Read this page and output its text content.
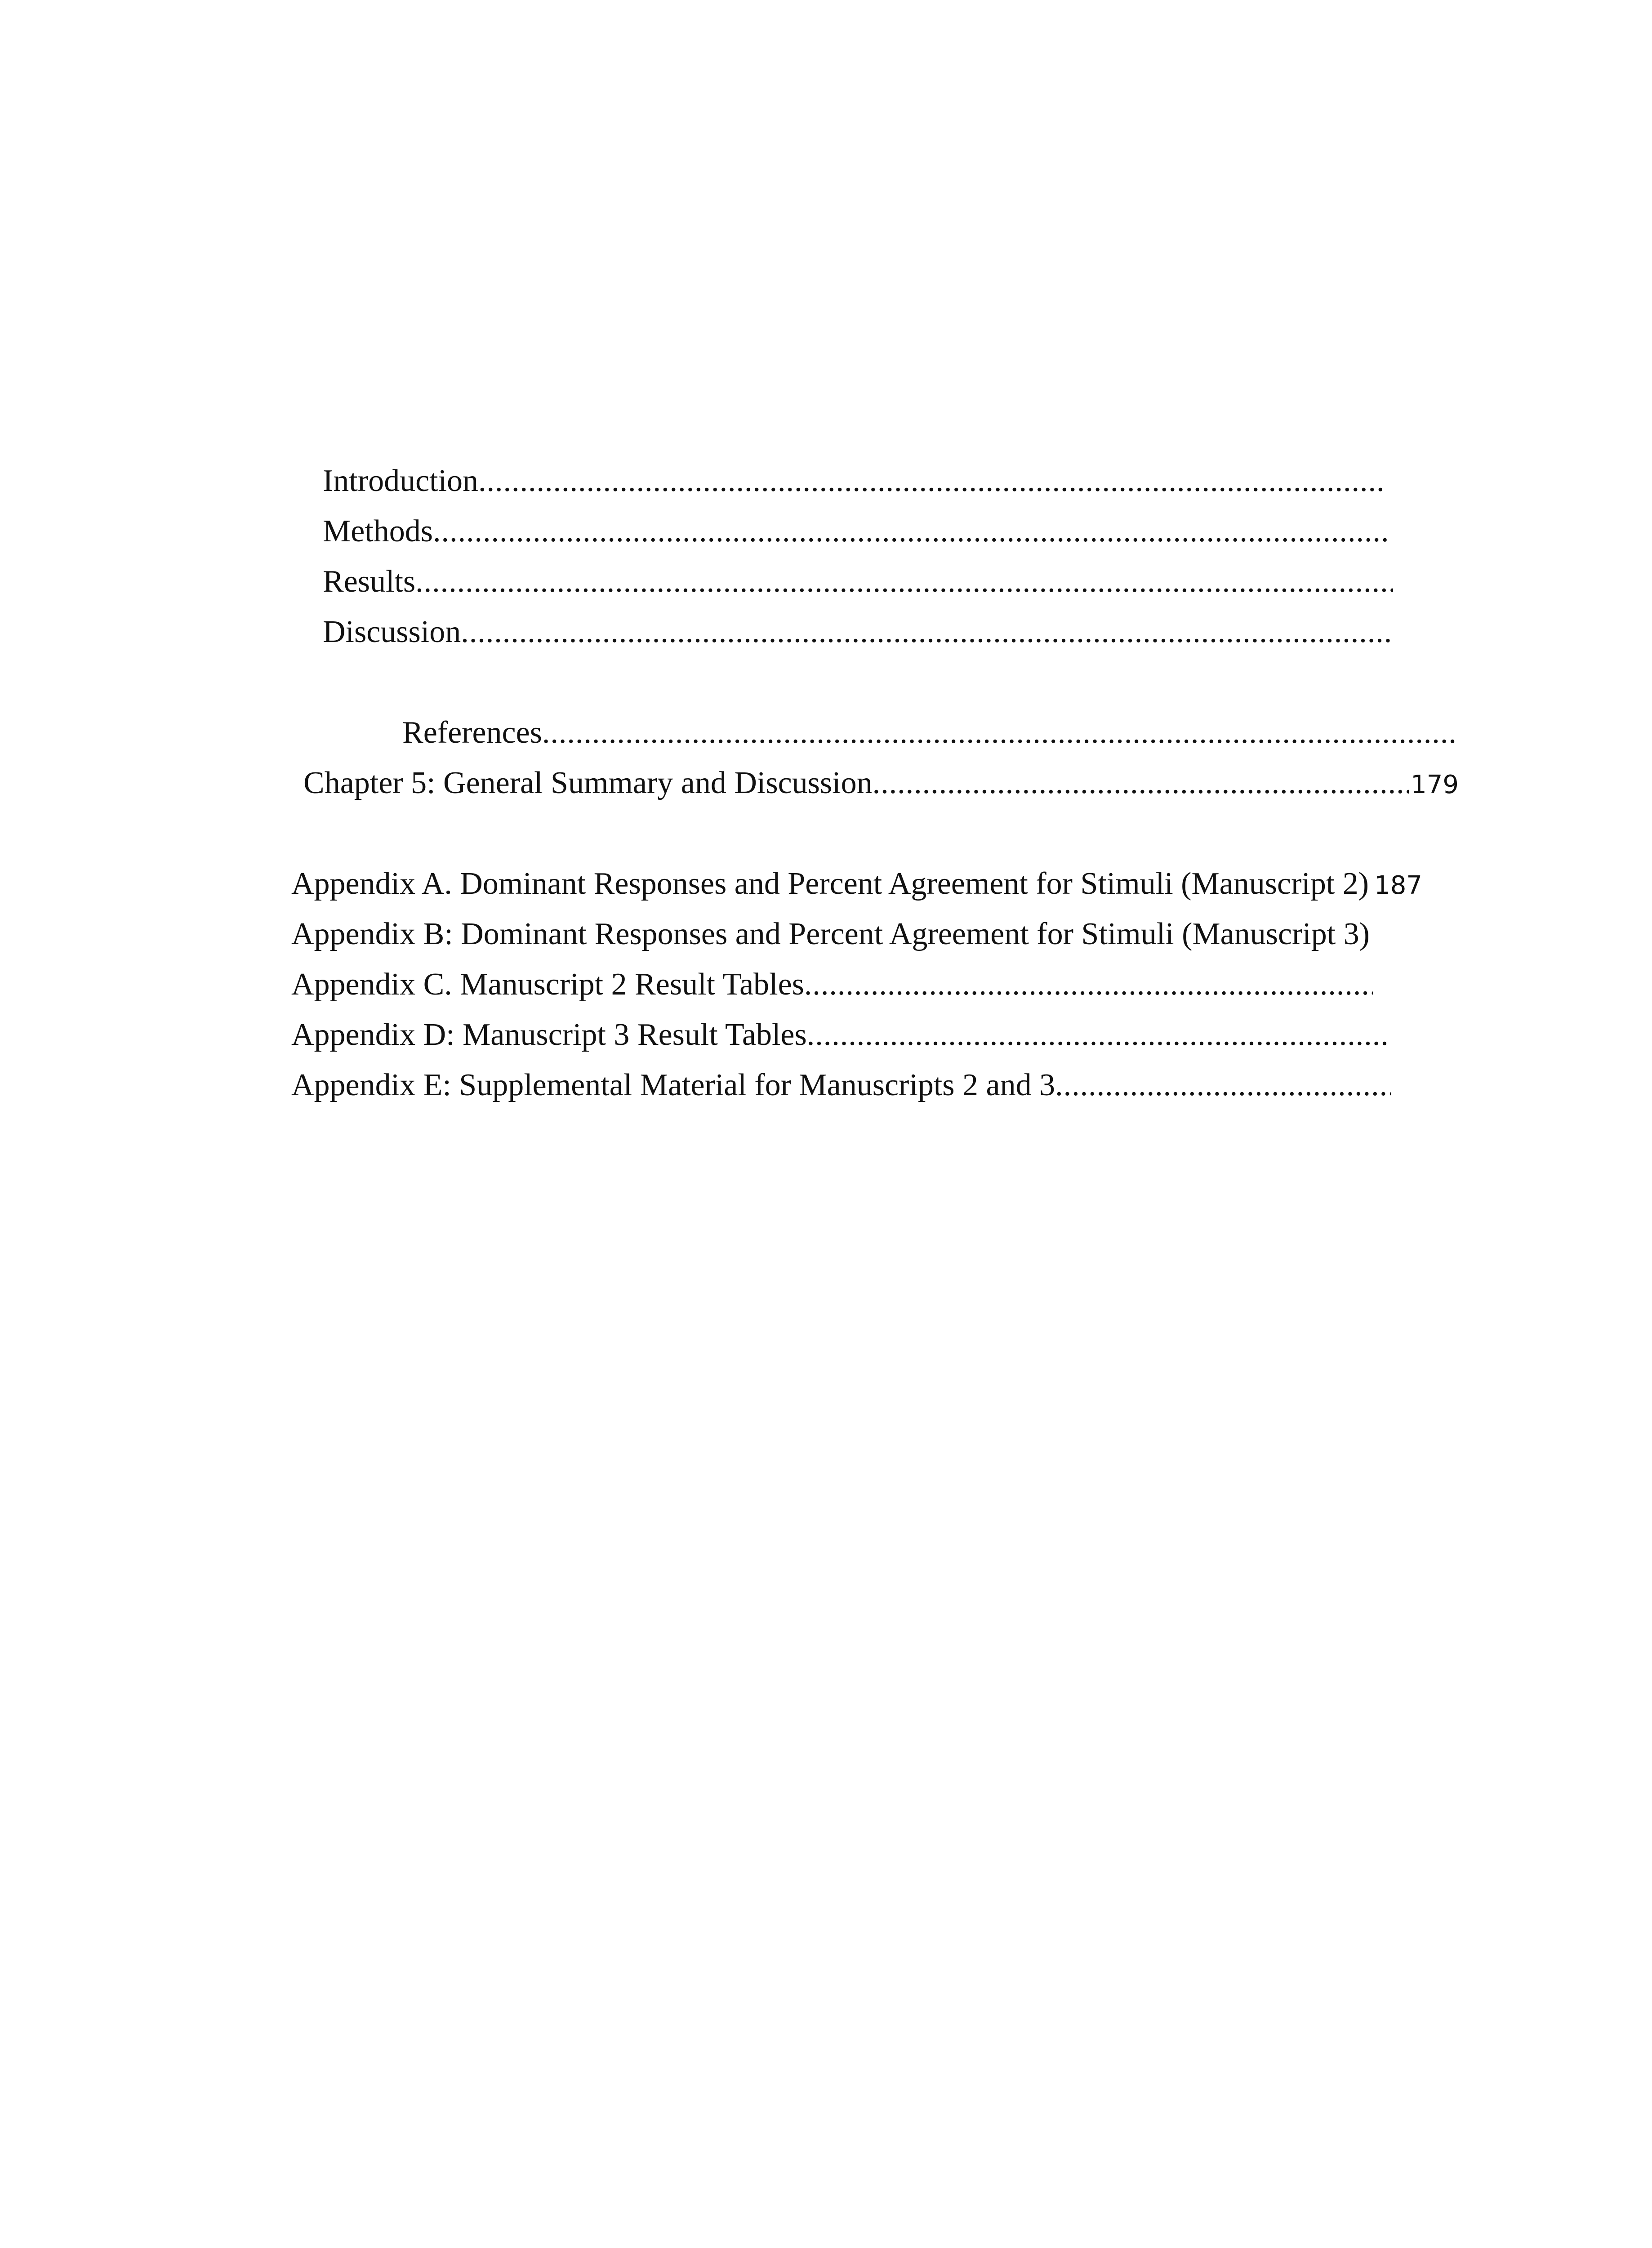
Introduction
.....
Methods
.....
Results
.....
Discussion
.....
References
.....
Chapter 5: General Summary and Discussion
.....	179
Appendix A. Dominant Responses and Percent Agreement for Stimuli (Manuscript 2) 187
Appendix B: Dominant Responses and Percent Agreement for Stimuli (Manuscript 3)
Appendix C. Manuscript 2 Result Tables
.....
Appendix D: Manuscript 3 Result Tables
.....
Appendix E: Supplemental Material for Manuscripts 2 and 3
.....
